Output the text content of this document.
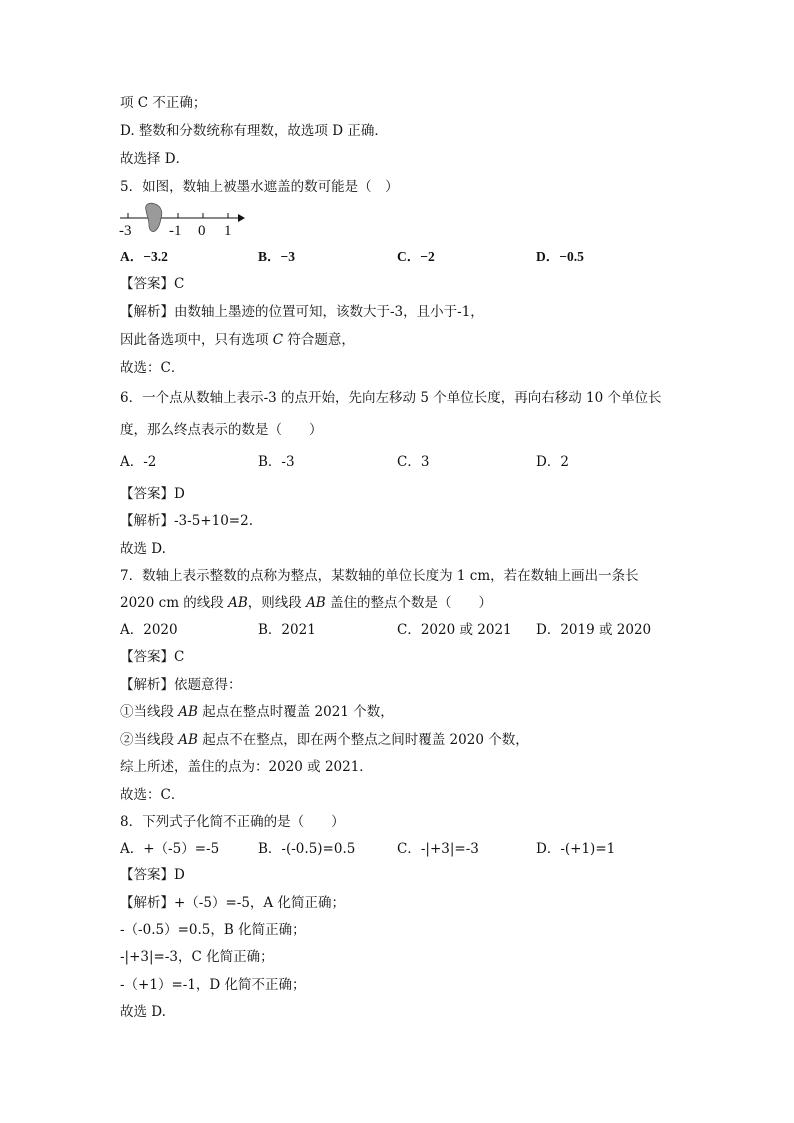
项 C 不正确；
D. 整数和分数统称有理数，故选项 D 正确．
故选择 D．
5．如图，数轴上被墨水遮盖的数可能是（　）
-3	-1 0 1
A．−3.2	B．−3	C．−2	D．−0.5
【答案】C
【解析】由数轴上墨迹的位置可知，该数大于-3，且小于-1，
因此备选项中，只有选项 C 符合题意，
故选：C．
6．一个点从数轴上表示-3 的点开始，先向左移动 5 个单位长度，再向右移动 10 个单位长
度，那么终点表示的数是（　　）
A．-2	B．-3	C．3	D．2
【答案】D
【解析】-3-5+10=2.
故选 D.
7．数轴上表示整数的点称为整点，某数轴的单位长度为 1 cm，若在数轴上画出一条长
2020 cm 的线段 AB，则线段 AB 盖住的整点个数是（　　）
A．2020	B．2021	C．2020 或 2021 D．2019 或 2020
【答案】C
【解析】依题意得：
①当线段 AB 起点在整点时覆盖 2021 个数，
②当线段 AB 起点不在整点，即在两个整点之间时覆盖 2020 个数，
综上所述，盖住的点为：2020 或 2021．
故选：C．
8．下列式子化简不正确的是（　　）
A．+（-5）=-5	B．-(-0.5)=0.5	C．-|+3|=-3	D．-(+1)=1
【答案】D
【解析】+（-5）=-5，A 化简正确；
-（-0.5）=0.5，B 化简正确；
-|+3|=-3，C 化简正确；
-（+1）=-1，D 化简不正确；
故选 D.
